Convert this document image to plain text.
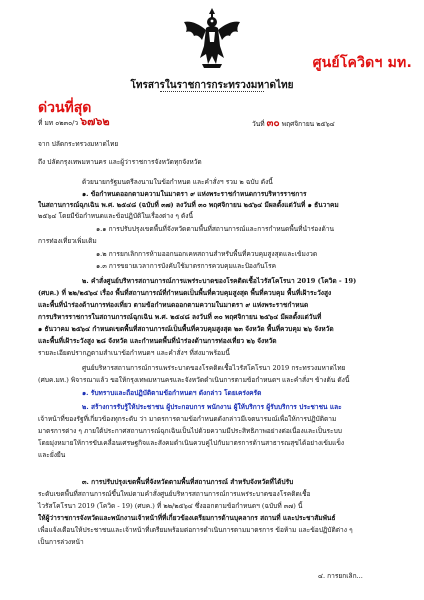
ศูนย์โควิดฯ มท.
โทรสารในราชการกระทรวงมหาดไทย
ด่วนที่สุด
ที่ มท ๐๒๓๐/ว ๖๗๖๒	วันที่ ๓๐ พฤศจิกายน ๒๕๖๔
จาก ปลัดกระทรวงมหาดไทย
ถึง ปลัดกรุงเทพมหานคร และผู้ว่าราชการจังหวัดทุกจังหวัด
ด้วยนายกรัฐมนตรีลงนามในข้อกำหนด และคำสั่งฯ รวม ๒ ฉบับ ดังนี้
๑. ข้อกำหนดออกตามความในมาตรา ๙ แห่งพระราชกำหนดการบริหารราชการ
ในสถานการณ์ฉุกเฉิน พ.ศ. ๒๕๔๘ (ฉบับที่ ๓๗) ลงวันที่ ๓๐ พฤศจิกายน ๒๕๖๔ มีผลตั้งแต่วันที่ ๑ ธันวาคม
๒๕๖๔ โดยมีข้อกำหนดและข้อปฏิบัติในเรื่องต่าง ๆ ดังนี้
๑.๑ การปรับปรุงเขตพื้นที่จังหวัดตามพื้นที่สถานการณ์และการกำหนดพื้นที่นำร่องด้าน
การท่องเที่ยวเพิ่มเติม
๑.๒ การยกเลิกการห้ามออกนอกเคหสถานสำหรับพื้นที่ควบคุมสูงสุดและเข้มงวด
๑.๓ การขยายเวลาการบังคับใช้มาตรการควบคุมและป้องกันโรค
๒. คำสั่งศูนย์บริหารสถานการณ์การแพร่ระบาดของโรคติดเชื้อไวรัสโคโรนา 2019 (โควิด - 19)
(ศบค.) ที่ ๒๒/๒๕๖๔ เรื่อง พื้นที่สถานการณ์ที่กำหนดเป็นพื้นที่ควบคุมสูงสุด พื้นที่ควบคุม พื้นที่เฝ้าระวังสูง
และพื้นที่นำร่องด้านการท่องเที่ยว ตามข้อกำหนดออกตามความในมาตรา ๙ แห่งพระราชกำหนด
การบริหารราชการในสถานการณ์ฉุกเฉิน พ.ศ. ๒๕๔๘ ลงวันที่ ๓๐ พฤศจิกายน ๒๕๖๔ มีผลตั้งแต่วันที่
๑ ธันวาคม ๒๕๖๔ กำหนดเขตพื้นที่สถานการณ์เป็นพื้นที่ควบคุมสูงสุด ๒๓ จังหวัด พื้นที่ควบคุม ๒๖ จังหวัด
และพื้นที่เฝ้าระวังสูง ๒๘ จังหวัด และกำหนดพื้นที่นำร่องด้านการท่องเที่ยว ๒๖ จังหวัด
รายละเอียดปรากฏตามสำเนาข้อกำหนดฯ และคำสั่งฯ ที่ส่งมาพร้อมนี้
ศูนย์บริหารสถานการณ์การแพร่ระบาดของโรคติดเชื้อไวรัสโคโรนา 2019 กระทรวงมหาดไทย
(ศบค.มท.) พิจารณาแล้ว ขอให้กรุงเทพมหานครและจังหวัดดำเนินการตามข้อกำหนดฯ และคำสั่งฯ ข้างต้น ดังนี้
๑. รับทราบและถือปฏิบัติตามข้อกำหนดฯ ดังกล่าว โดยเคร่งครัด
๒. สร้างการรับรู้ให้ประชาชน ผู้ประกอบการ พนักงาน ผู้ให้บริการ ผู้รับบริการ ประชาชน และ
เจ้าหน้าที่ของรัฐที่เกี่ยวข้องทุกระดับ ว่า มาตรการตามข้อกำหนดดังกล่าวมีเจตนารมณ์เพื่อให้การปฏิบัติตาม
มาตรการต่าง ๆ ภายใต้ประกาศสถานการณ์ฉุกเฉินเป็นไปด้วยความมีประสิทธิภาพอย่างต่อเนื่องและเป็นระบบ
โดยมุ่งหมายให้การขับเคลื่อนเศรษฐกิจและสังคมดำเนินควบคู่ไปกับมาตรการด้านสาธารณสุขได้อย่างเข้มแข็ง
และยั่งยืน
๓. การปรับปรุงเขตพื้นที่จังหวัดตามพื้นที่สถานการณ์ สำหรับจังหวัดที่ได้ปรับ
ระดับเขตพื้นที่สถานการณ์ขึ้นใหม่ตามคำสั่งศูนย์บริหารสถานการณ์การแพร่ระบาดของโรคติดเชื้อ
ไวรัสโคโรนา 2019 (โควิด - 19) (ศบค.) ที่ ๒๒/๒๕๖๔ ซึ่งออกตามข้อกำหนดฯ (ฉบับที่ ๓๗) นี้
ให้ผู้ว่าราชการจังหวัดและพนักงานเจ้าหน้าที่ที่เกี่ยวข้องเตรียมการด้านบุคลากร สถานที่ และประชาสัมพันธ์
เพื่อแจ้งเตือนให้ประชาชนและเจ้าหน้าที่เตรียมพร้อมต่อการดำเนินการตามมาตรการ ข้อห้าม และข้อปฏิบัติต่าง ๆ
เป็นการล่วงหน้า
๔. การยกเลิก...
